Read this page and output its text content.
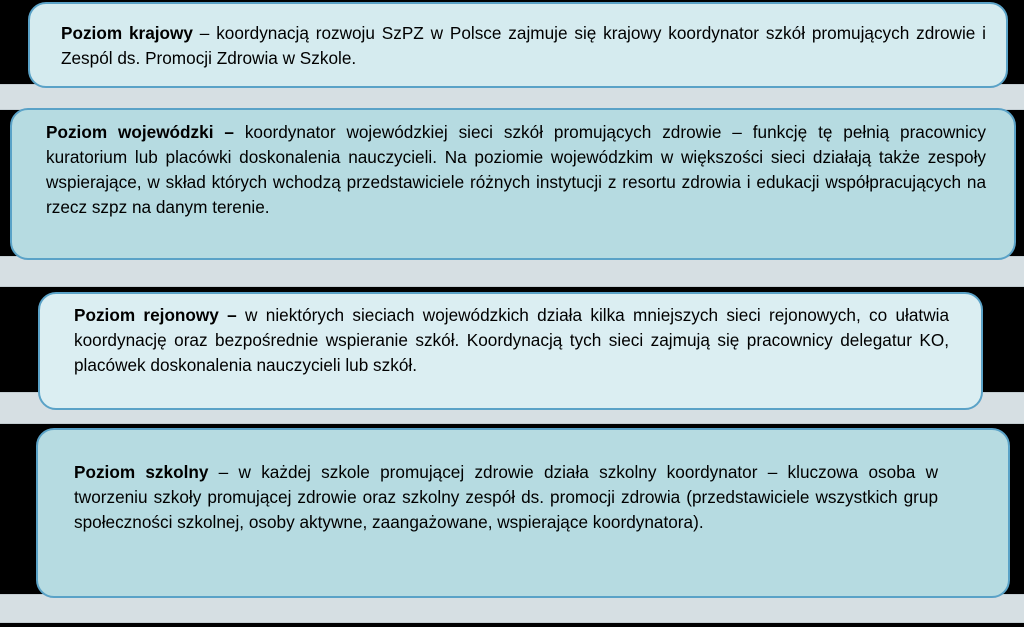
Poziom krajowy – koordynacją rozwoju SzPZ w Polsce zajmuje się krajowy koordynator szkół promujących zdrowie i Zespól ds. Promocji Zdrowia w Szkole.

Poziom wojewódzki – koordynator wojewódzkiej sieci szkół promujących zdrowie – funkcję tę pełnią pracownicy kuratorium lub placówki doskonalenia nauczycieli. Na poziomie wojewódzkim w większości sieci działają także zespoły wspierające, w skład których wchodzą przedstawiciele różnych instytucji z resortu zdrowia i edukacji współpracujących na rzecz szpz na danym terenie.

Poziom rejonowy – w niektórych sieciach wojewódzkich działa kilka mniejszych sieci rejonowych, co ułatwia koordynację oraz bezpośrednie wspieranie szkół. Koordynacją tych sieci zajmują się pracownicy delegatur KO, placówek doskonalenia nauczycieli lub szkół.

Poziom szkolny – w każdej szkole promującej zdrowie działa szkolny koordynator – kluczowa osoba w tworzeniu szkoły promującej zdrowie oraz szkolny zespół ds. promocji zdrowia (przedstawiciele wszystkich grup społeczności szkolnej, osoby aktywne, zaangażowane, wspierające koordynatora).
